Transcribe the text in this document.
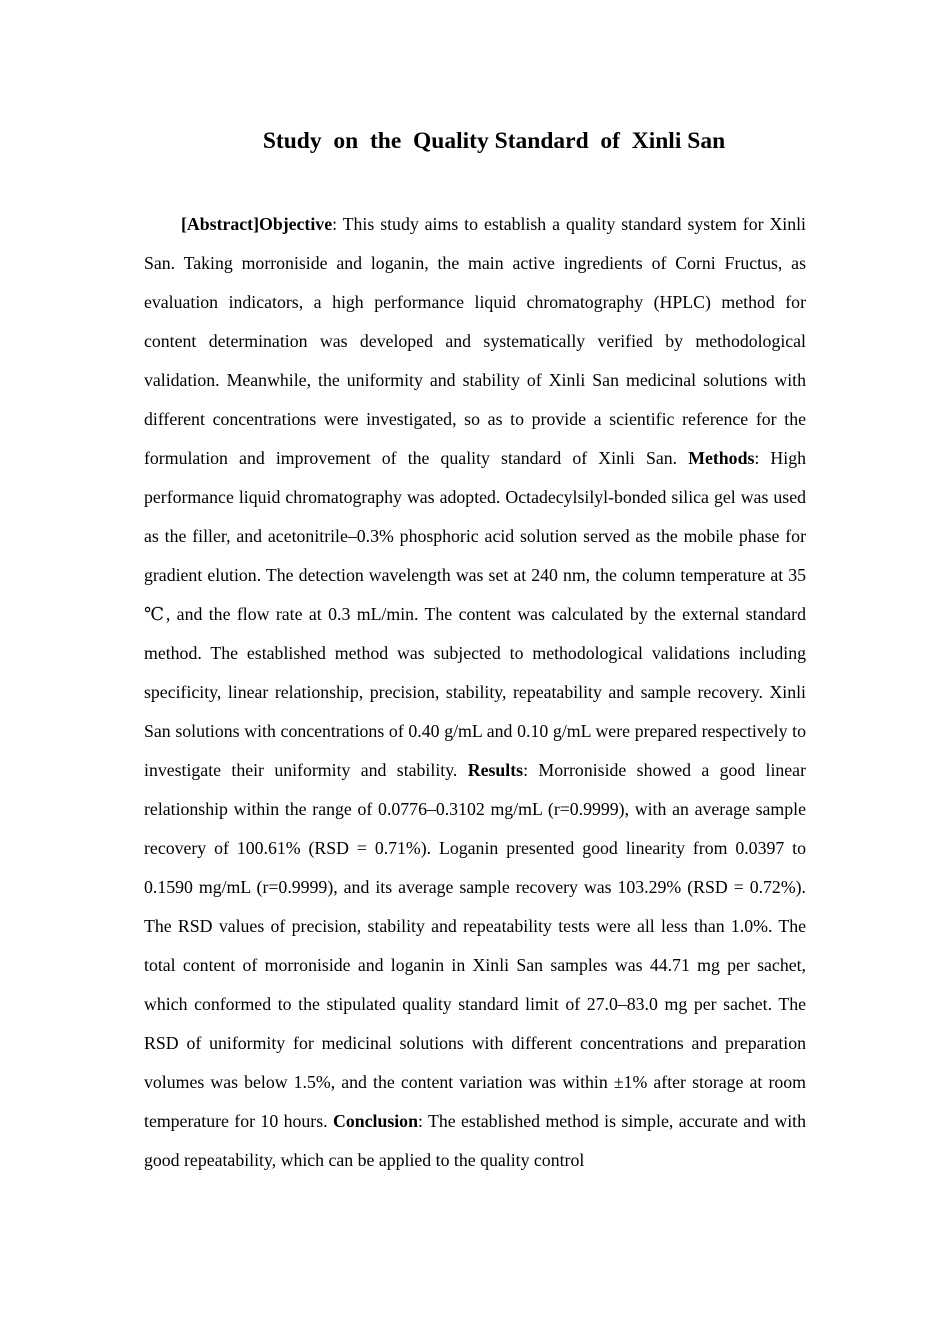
Study  on  the  Quality Standard  of  Xinli San

[Abstract]Objective: This study aims to establish a quality standard system for Xinli San. Taking morroniside and loganin, the main active ingredients of Corni Fructus, as evaluation indicators, a high performance liquid chromatography (HPLC) method for content determination was developed and systematically verified by methodological validation. Meanwhile, the uniformity and stability of Xinli San medicinal solutions with different concentrations were investigated, so as to provide a scientific reference for the formulation and improvement of the quality standard of Xinli San. Methods: High performance liquid chromatography was adopted. Octadecylsilyl-bonded silica gel was used as the filler, and acetonitrile–0.3% phosphoric acid solution served as the mobile phase for gradient elution. The detection wavelength was set at 240 nm, the column temperature at 35 ℃, and the flow rate at 0.3 mL/min. The content was calculated by the external standard method. The established method was subjected to methodological validations including specificity, linear relationship, precision, stability, repeatability and sample recovery. Xinli San solutions with concentrations of 0.40 g/mL and 0.10 g/mL were prepared respectively to investigate their uniformity and stability. Results: Morroniside showed a good linear relationship within the range of 0.0776–0.3102 mg/mL (r=0.9999), with an average sample recovery of 100.61% (RSD = 0.71%). Loganin presented good linearity from 0.0397 to 0.1590 mg/mL (r=0.9999), and its average sample recovery was 103.29% (RSD = 0.72%). The RSD values of precision, stability and repeatability tests were all less than 1.0%. The total content of morroniside and loganin in Xinli San samples was 44.71 mg per sachet, which conformed to the stipulated quality standard limit of 27.0–83.0 mg per sachet. The RSD of uniformity for medicinal solutions with different concentrations and preparation volumes was below 1.5%, and the content variation was within ±1% after storage at room temperature for 10 hours. Conclusion: The established method is simple, accurate and with good repeatability, which can be applied to the quality control
